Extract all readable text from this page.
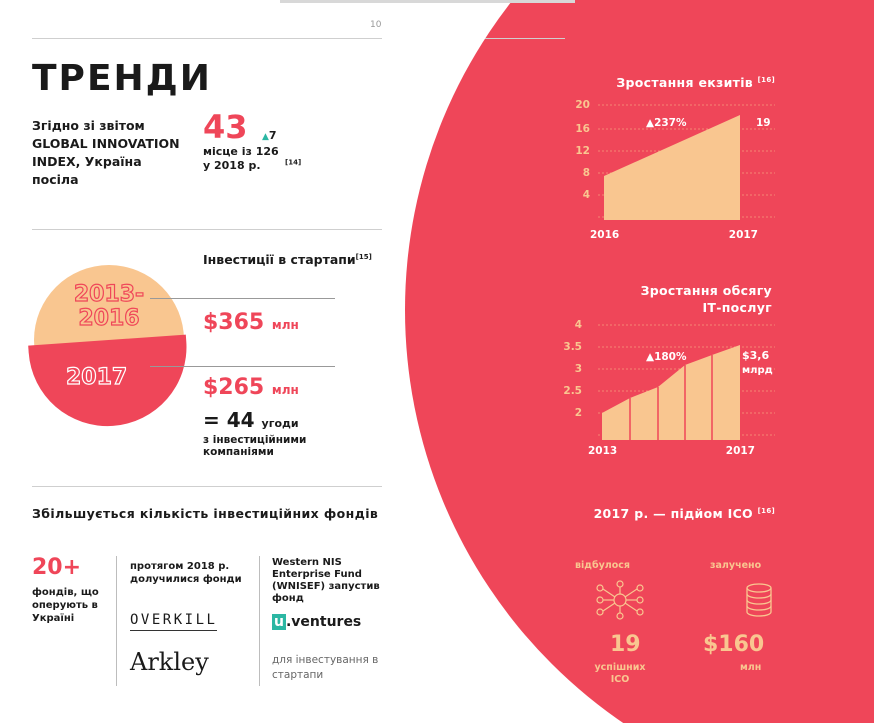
10
ТРЕНДИ
Згідно зі звітом GLOBAL INNOVATION INDEX, Україна посіла
43 ▲7
місце із 126 у 2018 р.	[14]
Інвестиції в стартапи[15]
2013-
2016
2017
$365 млн
$265 млн
= 44 угоди
з інвестиційними компаніями
Збільшується кількість інвестиційних фондів
20+
фондів, що оперують в Україні
протягом 2018 р. долучилися фонди
OVERKILL
Arkley
Western NIS Enterprise Fund (WNISEF) запустив фонд
u .ventures
для інвестування в стартапи
Зростання екзитів [16]
20
16
12
8
4
2016	2017
▲237%	19
Зростання обсягу
ІТ-послуг
4
3.5
3
2.5
2
2013	2017
▲180%	$3,6
млрд
2017 р. — підйом ICO [16]
відбулося	залучено
19	$160
успішних
ICO
млн
